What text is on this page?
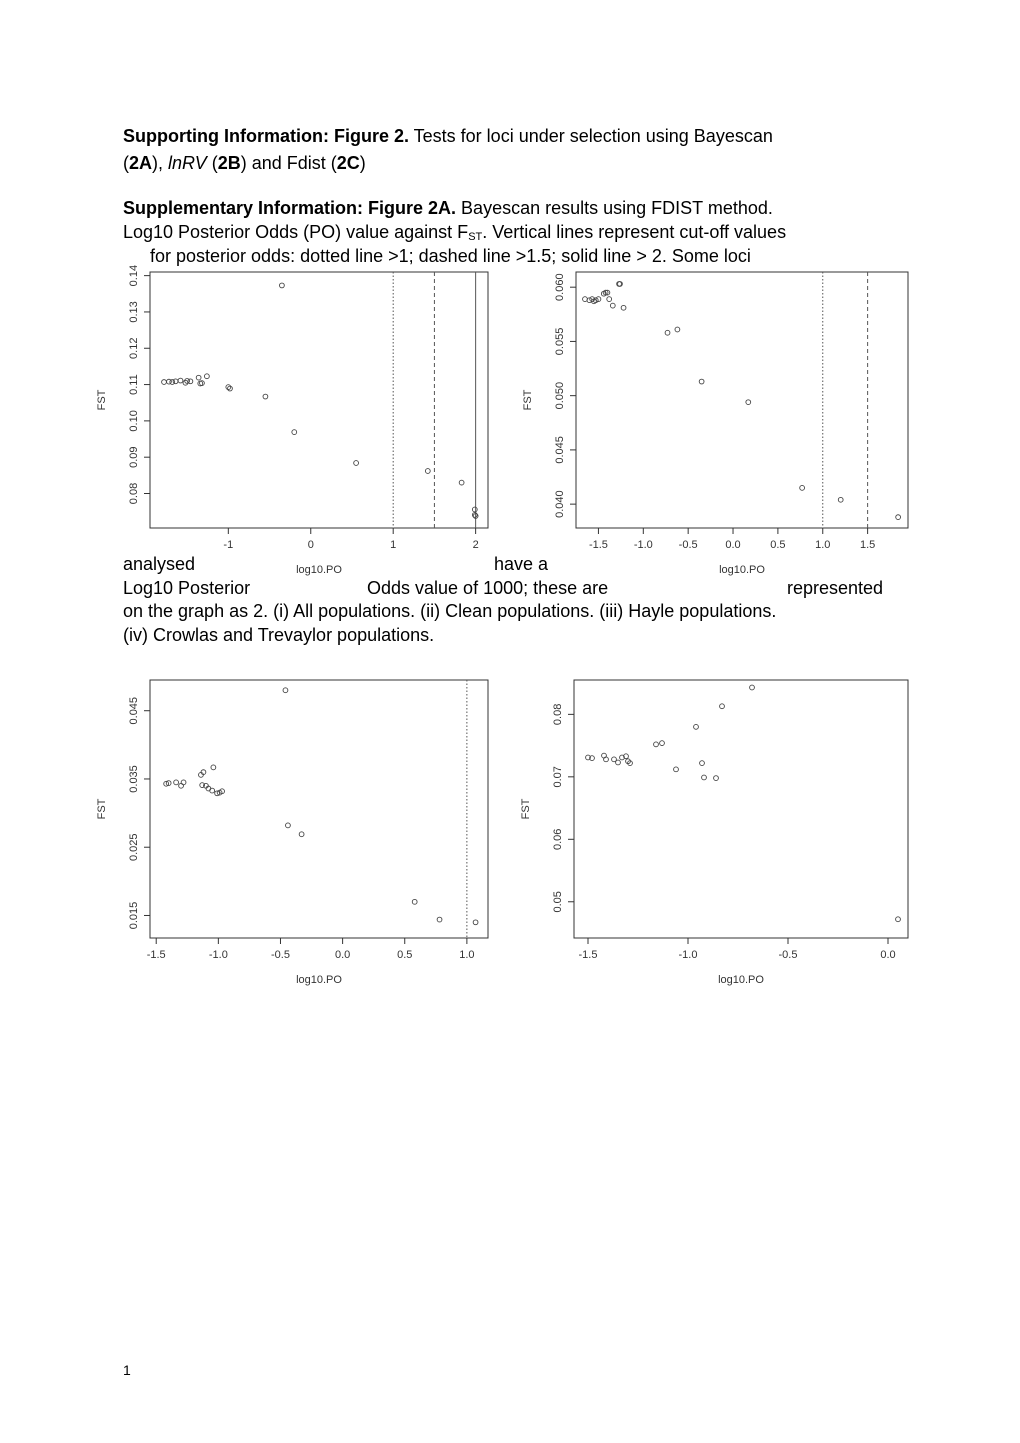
Supporting Information: Figure 2. Tests for loci under selection using Bayescan
(2A), lnRV (2B) and Fdist (2C)
Supplementary Information: Figure 2A. Bayescan results using FDIST method.
Log10 Posterior Odds (PO) value against $F_{ST}$. Vertical lines represent cut-off values
for posterior odds: dotted line >1; dashed line >1.5; solid line > 2. Some loci
-1	0	1	2
log10.PO
0.08
0.09
0.10
0.11
0.12
0.13
0.14
FST
-1.5 -1.0 -0.5	0.0	0.5	1.0	1.5
log10.PO
0.040
0.045
0.050
0.055
0.060
FST
analysed	have a
Log10 Posterior	Odds value of 1000; these are	represented
on the graph as 2. (i) All populations. (ii) Clean populations. (iii) Hayle populations.
(iv) Crowlas and Trevaylor populations.
-1.5	-1.0	-0.5	0.0	0.5	1.0
log10.PO
0.015
0.025
0.035
0.045
FST
-1.5	-1.0	-0.5	0.0
log10.PO
0.05
0.06
0.07
0.08
FST
1
